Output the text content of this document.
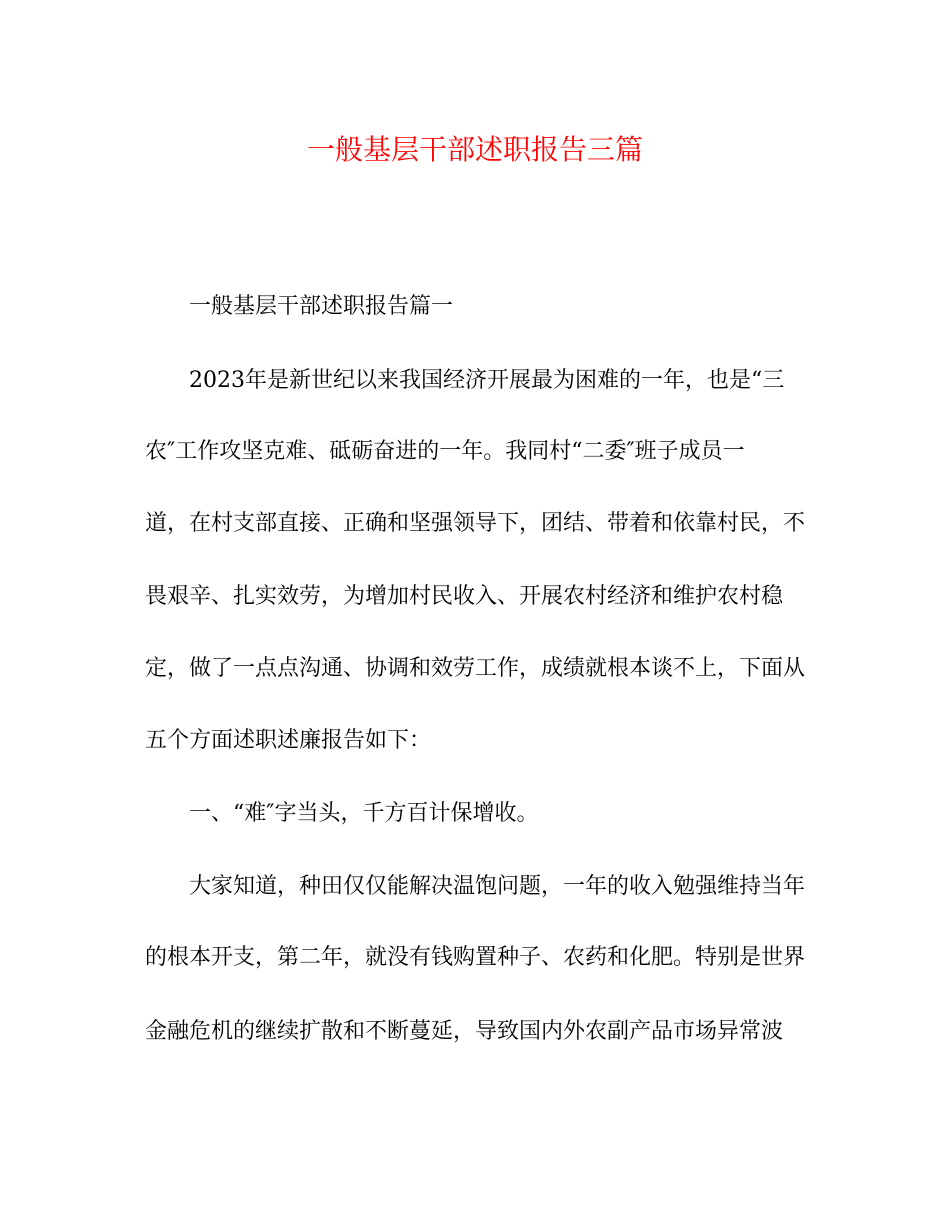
一般基层干部述职报告三篇
一般基层干部述职报告篇一
2023年是新世纪以来我国经济开展最为困难的一年，也是“三
农″工作攻坚克难、砥砺奋进的一年。我同村“二委″班子成员一
道，在村支部直接、正确和坚强领导下，团结、带着和依靠村民，不
畏艰辛、扎实效劳，为增加村民收入、开展农村经济和维护农村稳
定，做了一点点沟通、协调和效劳工作，成绩就根本谈不上，下面从
五个方面述职述廉报告如下：
一、“难″字当头，千方百计保增收。
大家知道，种田仅仅能解决温饱问题，一年的收入勉强维持当年
的根本开支，第二年，就没有钱购置种子、农药和化肥。特别是世界
金融危机的继续扩散和不断蔓延，导致国内外农副产品市场异常波
